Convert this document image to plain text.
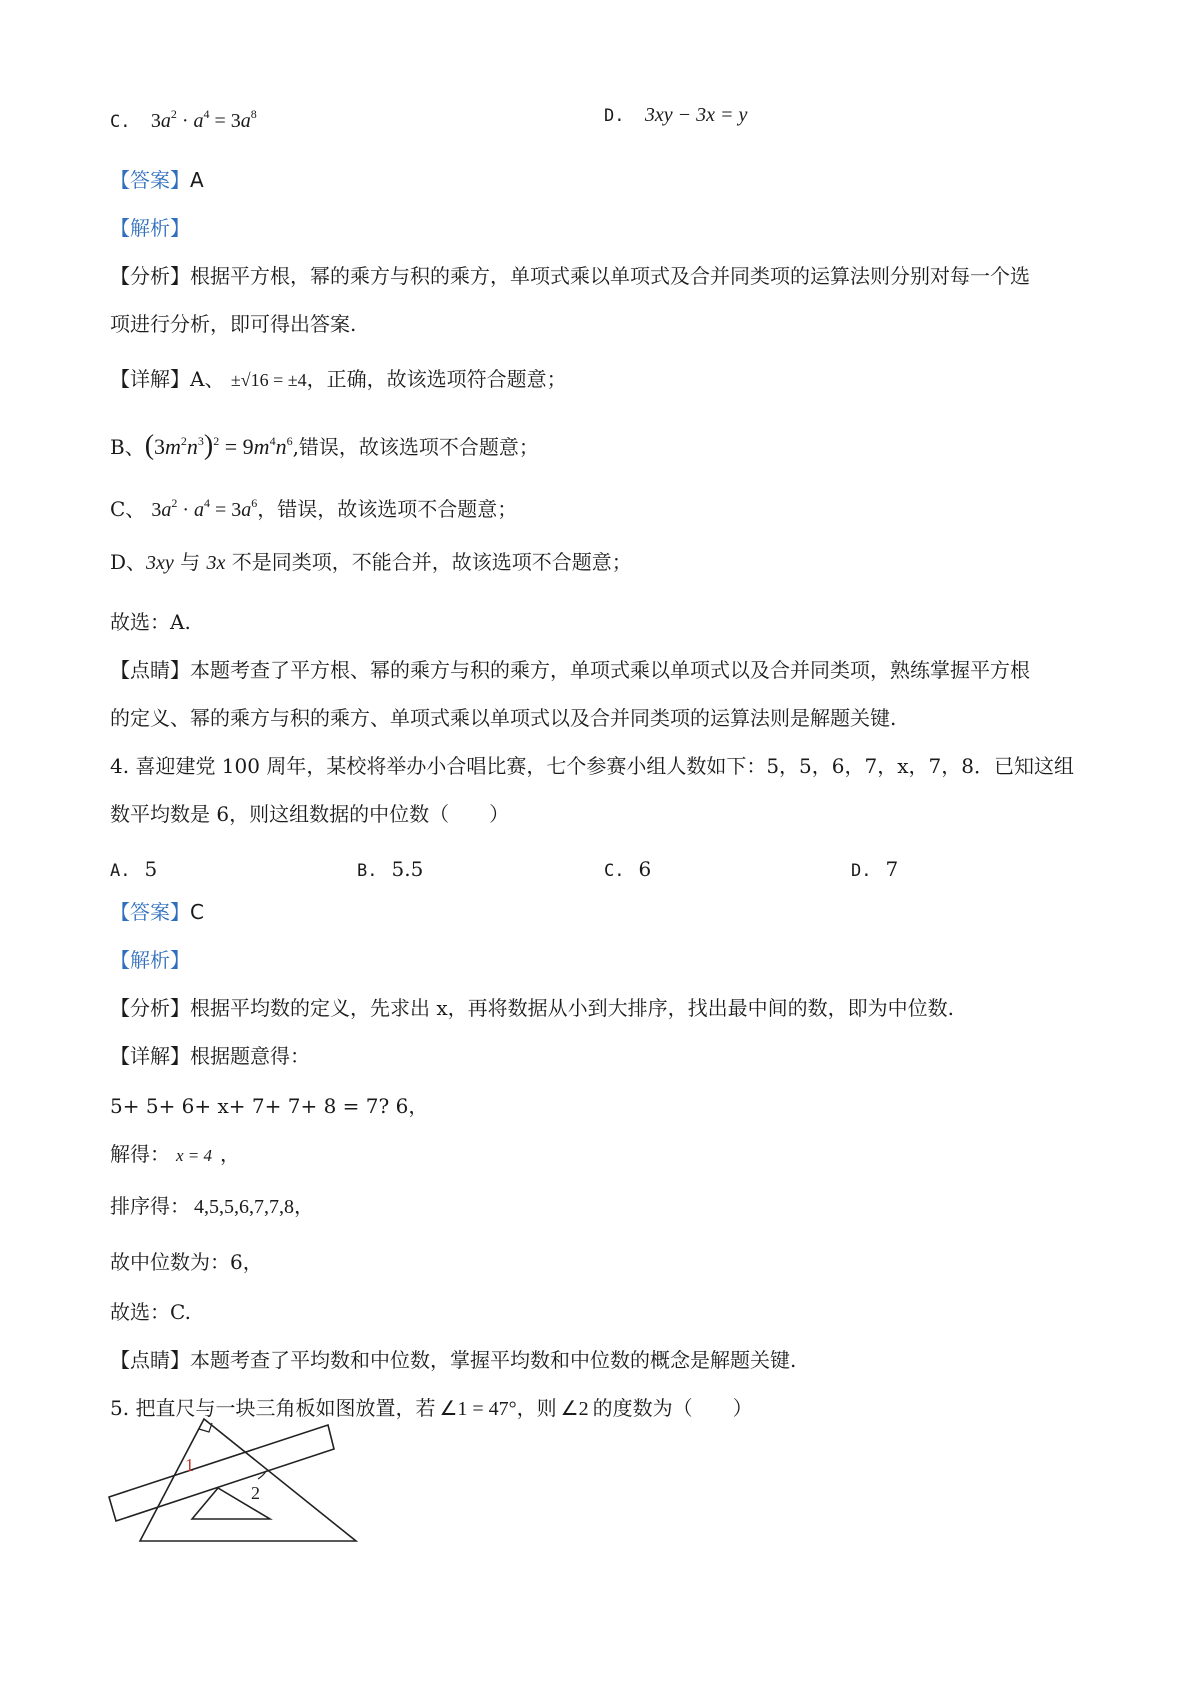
C. $3a^2 \cdot a^4 = 3a^8$	D. 3xy − 3x = y
【答案】A
【解析】
【分析】根据平方根，幂的乘方与积的乘方，单项式乘以单项式及合并同类项的运算法则分别对每一个选
项进行分析，即可得出答案.
【详解】A、 ±√16 = ±4，正确，故该选项符合题意；
B、$(3m^2n^3)^2 = 9m^4n^6$,错误，故该选项不合题意；
C、 $3a^2 \cdot a^4 = 3a^6$，错误，故该选项不合题意；
D、3xy 与 3x 不是同类项，不能合并，故该选项不合题意；
故选：A.
【点睛】本题考查了平方根、幂的乘方与积的乘方，单项式乘以单项式以及合并同类项，熟练掌握平方根
的定义、幂的乘方与积的乘方、单项式乘以单项式以及合并同类项的运算法则是解题关键.
4. 喜迎建党 100 周年，某校将举办小合唱比赛，七个参赛小组人数如下：5，5，6，7，x，7，8．已知这组
数平均数是 6，则这组数据的中位数（　　）
A. 5	B. 5.5	C. 6	D. 7
【答案】C
【解析】
【分析】根据平均数的定义，先求出 x，再将数据从小到大排序，找出最中间的数，即为中位数.
【详解】根据题意得：
5+ 5+ 6+ x+ 7+ 7+ 8 = 7? 6，
解得： x = 4 ，
排序得： 4,5,5,6,7,7,8，
故中位数为：6，
故选：C.
【点睛】本题考查了平均数和中位数，掌握平均数和中位数的概念是解题关键.
5. 把直尺与一块三角板如图放置，若 ∠1 = 47°，则 ∠2 的度数为（　　）
1
2
